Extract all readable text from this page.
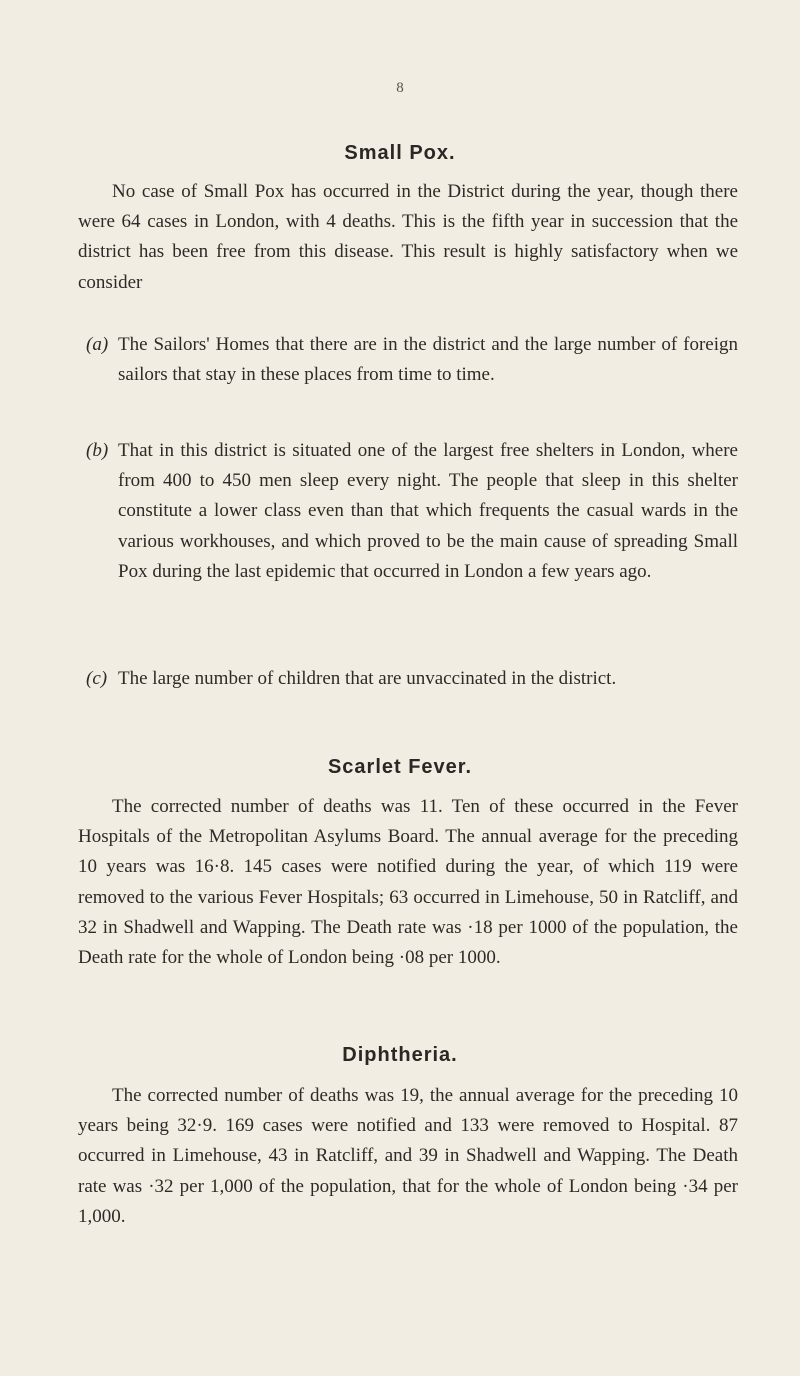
8
Small Pox.

No case of Small Pox has occurred in the District during the year, though there were 64 cases in London, with 4 deaths. This is the fifth year in succession that the district has been free from this disease. This result is highly satisfactory when we consider

(a) The Sailors' Homes that there are in the district and the large number of foreign sailors that stay in these places from time to time.
(b) That in this district is situated one of the largest free shelters in London, where from 400 to 450 men sleep every night. The people that sleep in this shelter constitute a lower class even than that which frequents the casual wards in the various workhouses, and which proved to be the main cause of spreading Small Pox during the last epidemic that occurred in London a few years ago.
(c) The large number of children that are unvaccinated in the district.
Scarlet Fever.

The corrected number of deaths was 11. Ten of these occurred in the Fever Hospitals of the Metropolitan Asylums Board. The annual average for the preceding 10 years was 16·8. 145 cases were notified during the year, of which 119 were removed to the various Fever Hospitals; 63 occurred in Limehouse, 50 in Ratcliff, and 32 in Shadwell and Wapping. The Death rate was ·18 per 1000 of the population, the Death rate for the whole of London being ·08 per 1000.

Diphtheria.

The corrected number of deaths was 19, the annual average for the preceding 10 years being 32·9. 169 cases were notified and 133 were removed to Hospital. 87 occurred in Limehouse, 43 in Ratcliff, and 39 in Shadwell and Wapping. The Death rate was ·32 per 1,000 of the population, that for the whole of London being ·34 per 1,000.
